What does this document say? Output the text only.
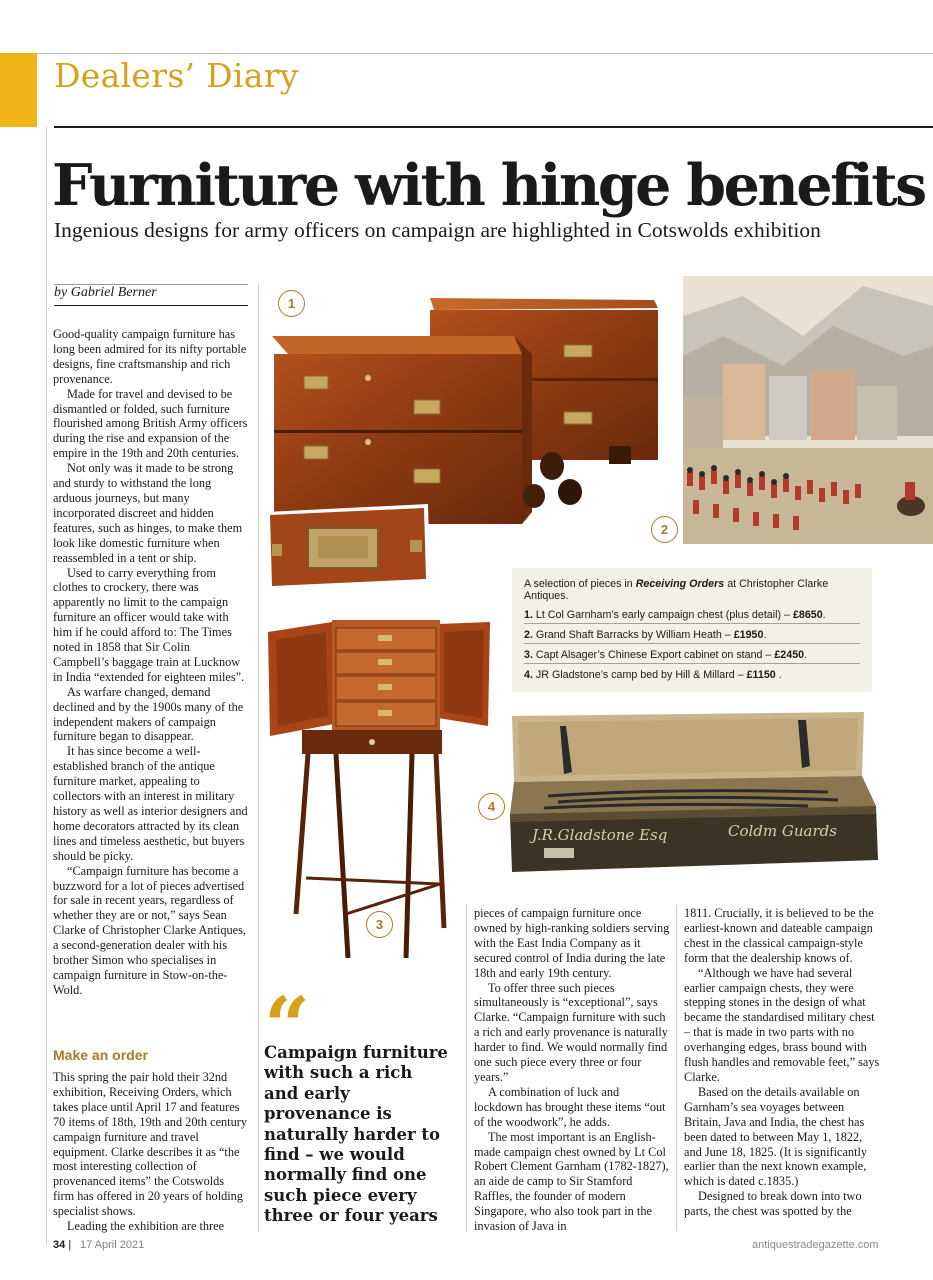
Dealers’ Diary
Furniture with hinge benefits
Ingenious designs for army officers on campaign are highlighted in Cotswolds exhibition
by Gabriel Berner

Good-quality campaign furniture has long been admired for its nifty portable designs, fine craftsmanship and rich provenance.

Made for travel and devised to be dismantled or folded, such furniture flourished among British Army officers during the rise and expansion of the empire in the 19th and 20th centuries.

Not only was it made to be strong and sturdy to withstand the long arduous journeys, but many incorporated discreet and hidden features, such as hinges, to make them look like domestic furniture when reassembled in a tent or ship.

Used to carry everything from clothes to crockery, there was apparently no limit to the campaign furniture an officer would take with him if he could afford to: The Times noted in 1858 that Sir Colin Campbell’s baggage train at Lucknow in India “extended for eighteen miles”.

As warfare changed, demand declined and by the 1900s many of the independent makers of campaign furniture began to disappear.

It has since become a well-established branch of the antique furniture market, appealing to collectors with an interest in military history as well as interior designers and home decorators attracted by its clean lines and timeless aesthetic, but buyers should be picky.

“Campaign furniture has become a buzzword for a lot of pieces advertised for sale in recent years, regardless of whether they are or not,” says Sean Clarke of Christopher Clarke Antiques, a second-generation dealer with his brother Simon who specialises in campaign furniture in Stow-on-the-Wold.

Make an order

This spring the pair hold their 32nd exhibition, Receiving Orders, which takes place until April 17 and features 70 items of 18th, 19th and 20th century campaign furniture and travel equipment. Clarke describes it as “the most interesting collection of provenanced items” the Cotswolds firm has offered in 20 years of holding specialist shows.

Leading the exhibition are three

pieces of campaign furniture once owned by high-ranking soldiers serving with the East India Company as it secured control of India during the late 18th and early 19th century.

To offer three such pieces simultaneously is “exceptional”, says Clarke. “Campaign furniture with such a rich and early provenance is naturally harder to find. We would normally find one such piece every three or four years.”

A combination of luck and lockdown has brought these items “out of the woodwork”, he adds.

The most important is an English-made campaign chest owned by Lt Col Robert Clement Garnham (1782-1827), an aide de camp to Sir Stamford Raffles, the founder of modern Singapore, who also took part in the invasion of Java in

1811. Crucially, it is believed to be the earliest-known and dateable campaign chest in the classical campaign-style form that the dealership knows of.

“Although we have had several earlier campaign chests, they were stepping stones in the design of what became the standardised military chest – that is made in two parts with no overhanging edges, brass bound with flush handles and removable feet,” says Clarke.

Based on the details available on Garnham’s sea voyages between Britain, Java and India, the chest has been dated to between May 1, 1822, and June 18, 1825. (It is significantly earlier than the next known example, which is dated c.1835.)

Designed to break down into two parts, the chest was spotted by the

“
Campaign furniture with such a rich and early provenance is naturally harder to find – we would normally find one such piece every three or four years
1
2
A selection of pieces in Receiving Orders at Christopher Clarke Antiques.
1. Lt Col Garnham’s early campaign chest (plus detail) – £8650.
2. Grand Shaft Barracks by William Heath – £1950.
3. Capt Alsager’s Chinese Export cabinet on stand – £2450.
4. JR Gladstone’s camp bed by Hill & Millard – £1150 .
3
J.R.Gladstone Esq	Coldm Guards
4
34 | 17 April 2021	antiquestradegazette.com
